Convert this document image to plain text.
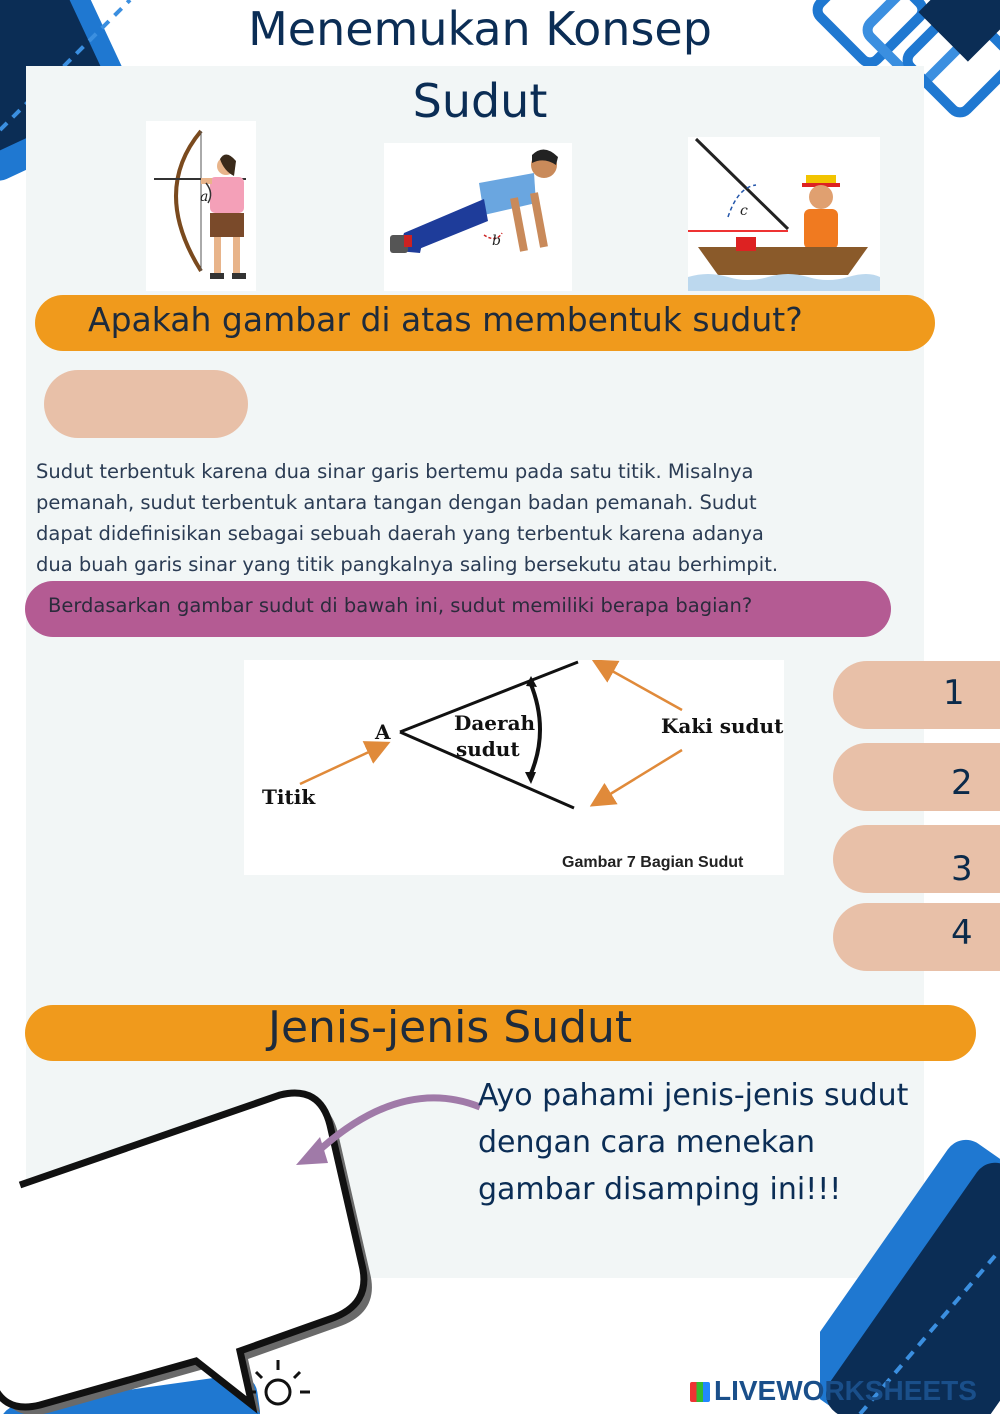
Menemukan Konsep
Sudut
a
b
c
Apakah gambar di atas membentuk sudut?
Sudut terbentuk karena dua sinar garis bertemu pada satu titik. Misalnya
pemanah, sudut terbentuk antara tangan dengan badan pemanah. Sudut
dapat didefinisikan sebagai sebuah daerah yang terbentuk karena adanya
dua buah garis sinar yang titik pangkalnya saling bersekutu atau berhimpit.
Berdasarkan gambar sudut di bawah ini, sudut memiliki berapa bagian?
A	Daerah
sudut
Kaki sudut
Titik
Gambar 7 Bagian Sudut
1
2
3
4
Jenis-jenis Sudut
Ayo pahami jenis-jenis sudut
dengan cara menekan
gambar disamping ini!!!
LIVEWORKSHEETS
